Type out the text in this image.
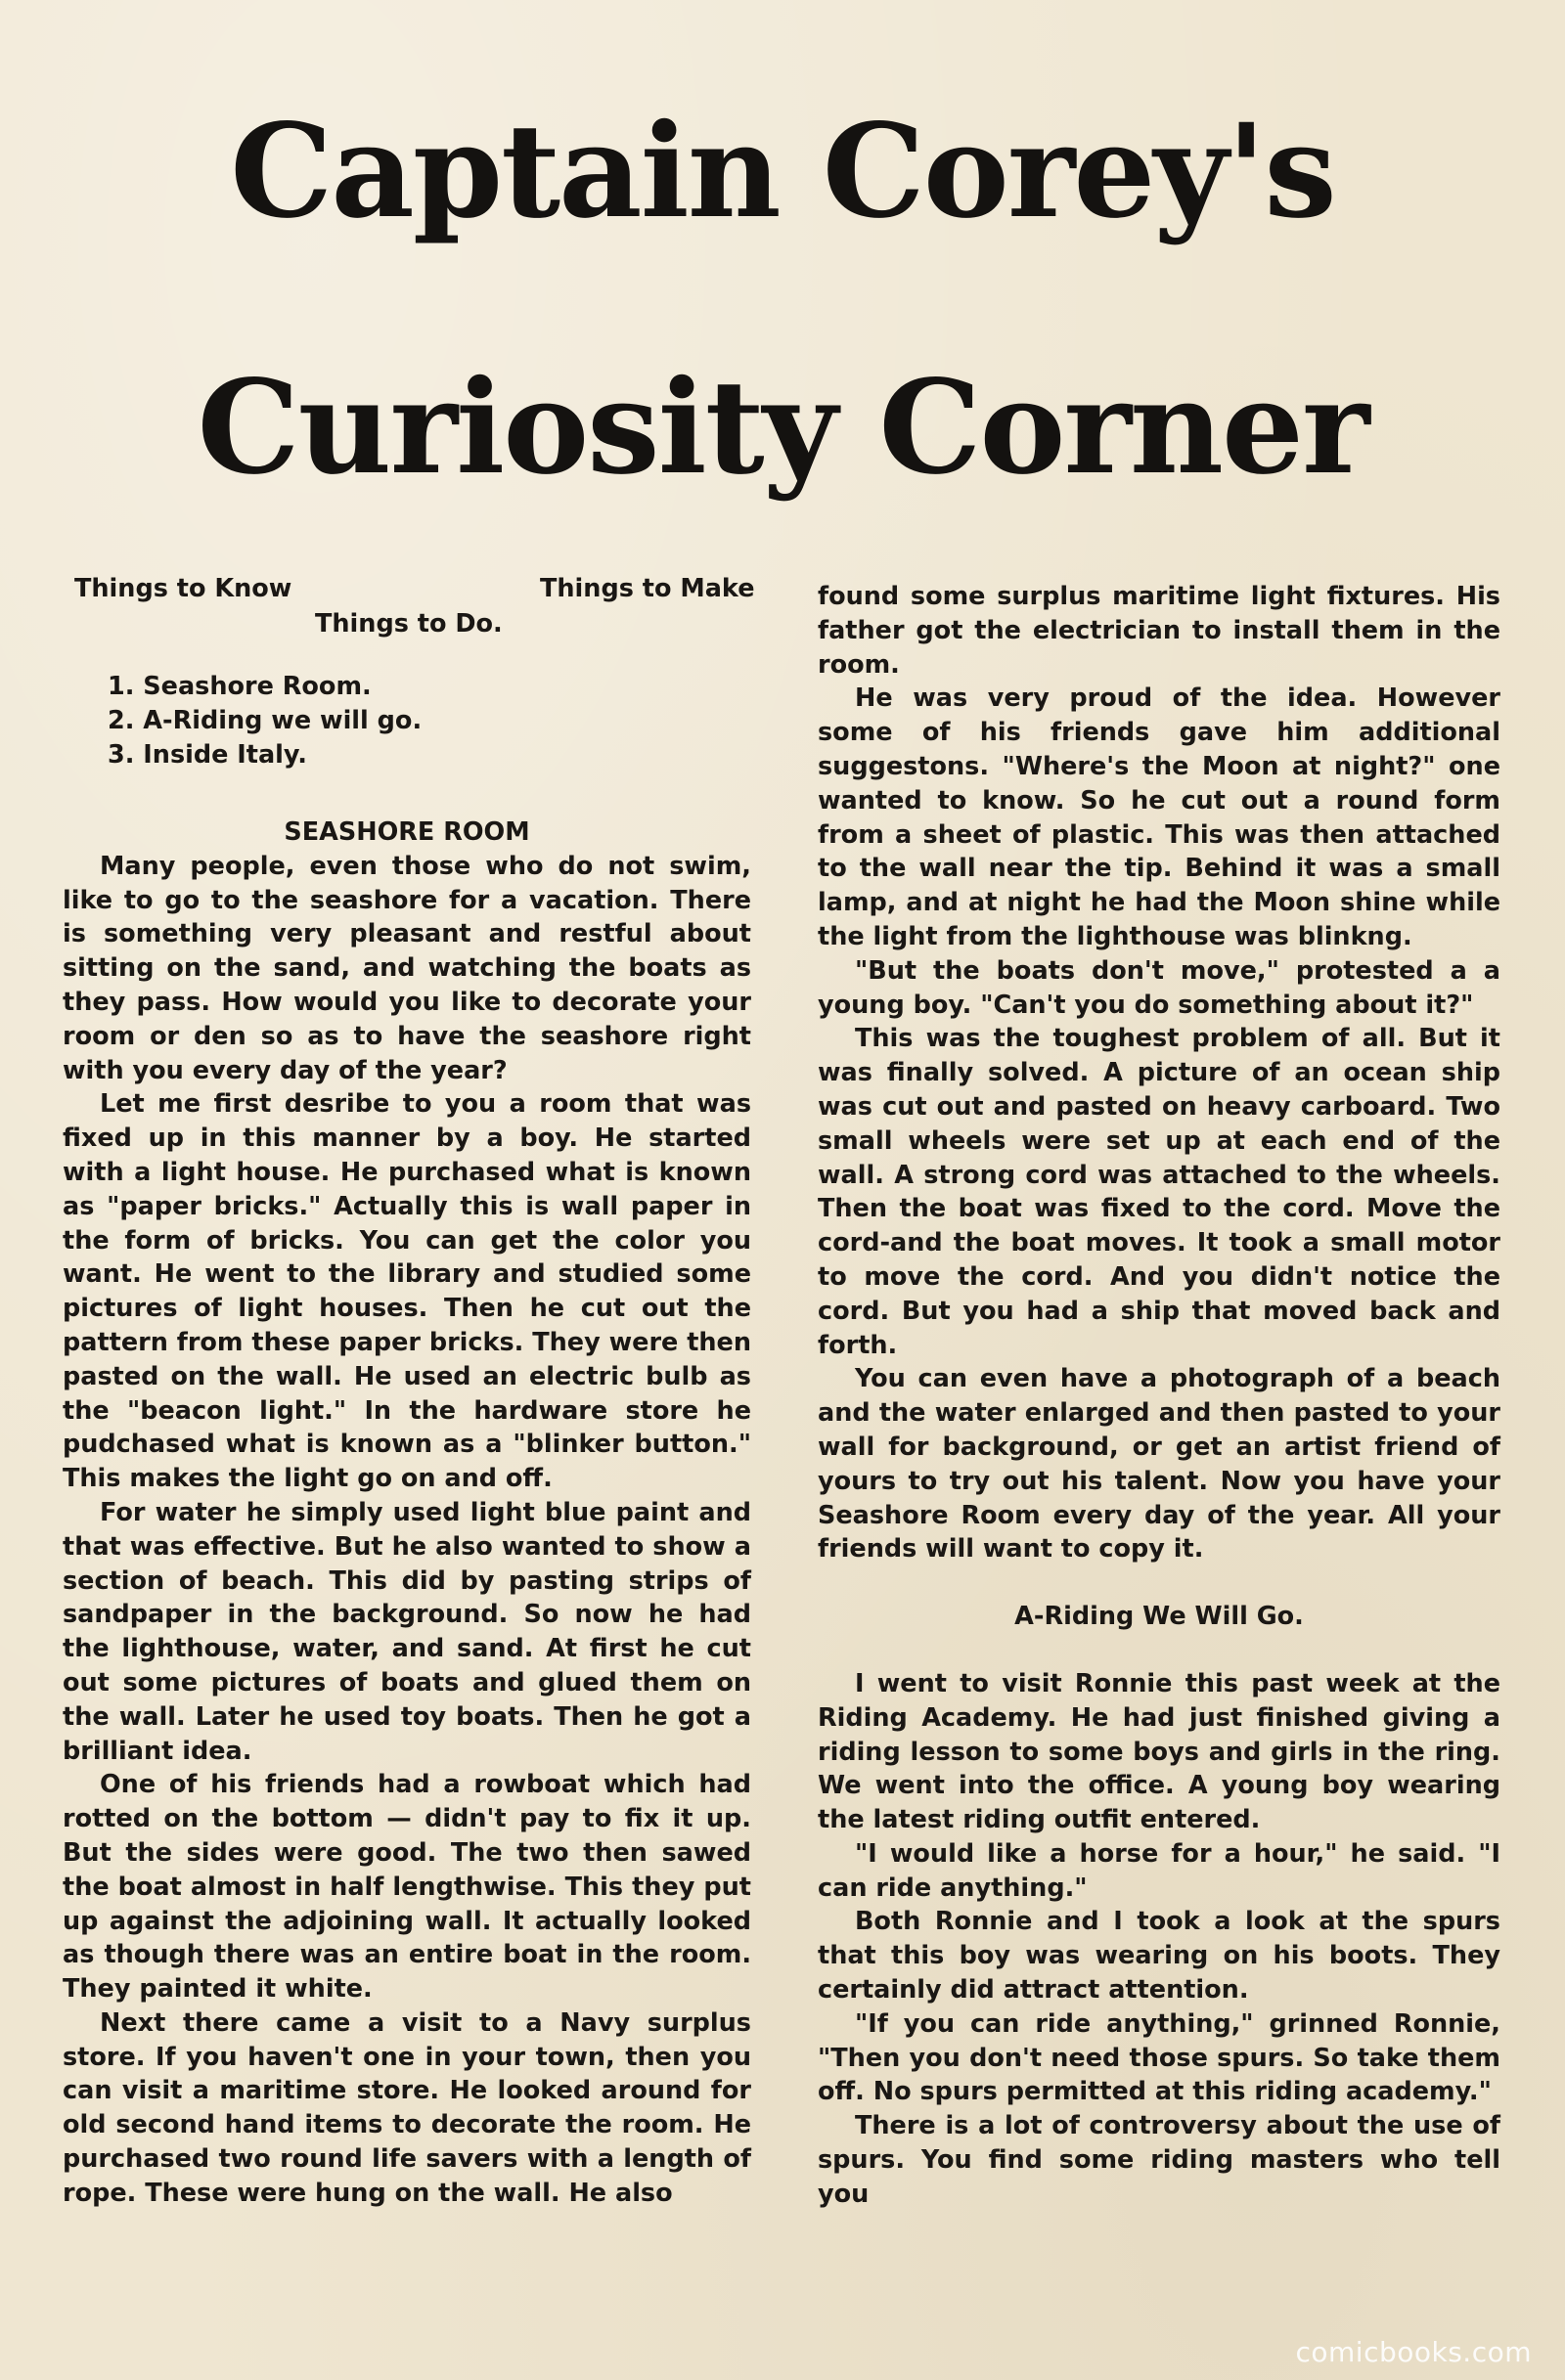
Captain Corey's
Curiosity Corner
Things to Know	Things to Make
Things to Do.
1. Seashore Room.
2. A-Riding we will go.
3. Inside Italy.
SEASHORE ROOM

Many people, even those who do not swim, like to go to the seashore for a vacation. There is something very pleasant and restful about sitting on the sand, and watching the boats as they pass. How would you like to decorate your room or den so as to have the seashore right with you every day of the year?

Let me first desribe to you a room that was fixed up in this manner by a boy. He started with a light house. He purchased what is known as "paper bricks." Actually this is wall paper in the form of bricks. You can get the color you want. He went to the library and studied some pictures of light houses. Then he cut out the pattern from these paper bricks. They were then pasted on the wall. He used an electric bulb as the "beacon light." In the hardware store he pudchased what is known as a "blinker button." This makes the light go on and off.

For water he simply used light blue paint and that was effective. But he also wanted to show a section of beach. This did by pasting strips of sandpaper in the background. So now he had the lighthouse, water, and sand. At first he cut out some pictures of boats and glued them on the wall. Later he used toy boats. Then he got a brilliant idea.

One of his friends had a rowboat which had rotted on the bottom — didn't pay to fix it up. But the sides were good. The two then sawed the boat almost in half lengthwise. This they put up against the adjoining wall. It actually looked as though there was an entire boat in the room. They painted it white.

Next there came a visit to a Navy surplus store. If you haven't one in your town, then you can visit a maritime store. He looked around for old second hand items to decorate the room. He purchased two round life savers with a length of rope. These were hung on the wall. He also

found some surplus maritime light fixtures. His father got the electrician to install them in the room.

He was very proud of the idea. However some of his friends gave him additional suggestons. "Where's the Moon at night?" one wanted to know. So he cut out a round form from a sheet of plastic. This was then attached to the wall near the tip. Behind it was a small lamp, and at night he had the Moon shine while the light from the lighthouse was blinkng.

"But the boats don't move," protested a a young boy. "Can't you do something about it?"

This was the toughest problem of all. But it was finally solved. A picture of an ocean ship was cut out and pasted on heavy carboard. Two small wheels were set up at each end of the wall. A strong cord was attached to the wheels. Then the boat was fixed to the cord. Move the cord-and the boat moves. It took a small motor to move the cord. And you didn't notice the cord. But you had a ship that moved back and forth.

You can even have a photograph of a beach and the water enlarged and then pasted to your wall for background, or get an artist friend of yours to try out his talent. Now you have your Seashore Room every day of the year. All your friends will want to copy it.

A-Riding We Will Go.

I went to visit Ronnie this past week at the Riding Academy. He had just finished giving a riding lesson to some boys and girls in the ring. We went into the office. A young boy wearing the latest riding outfit entered.

"I would like a horse for a hour," he said. "I can ride anything."

Both Ronnie and I took a look at the spurs that this boy was wearing on his boots. They certainly did attract attention.

"If you can ride anything," grinned Ronnie, "Then you don't need those spurs. So take them off. No spurs permitted at this riding academy."

There is a lot of controversy about the use of spurs. You find some riding masters who tell you

comicbooks.com
